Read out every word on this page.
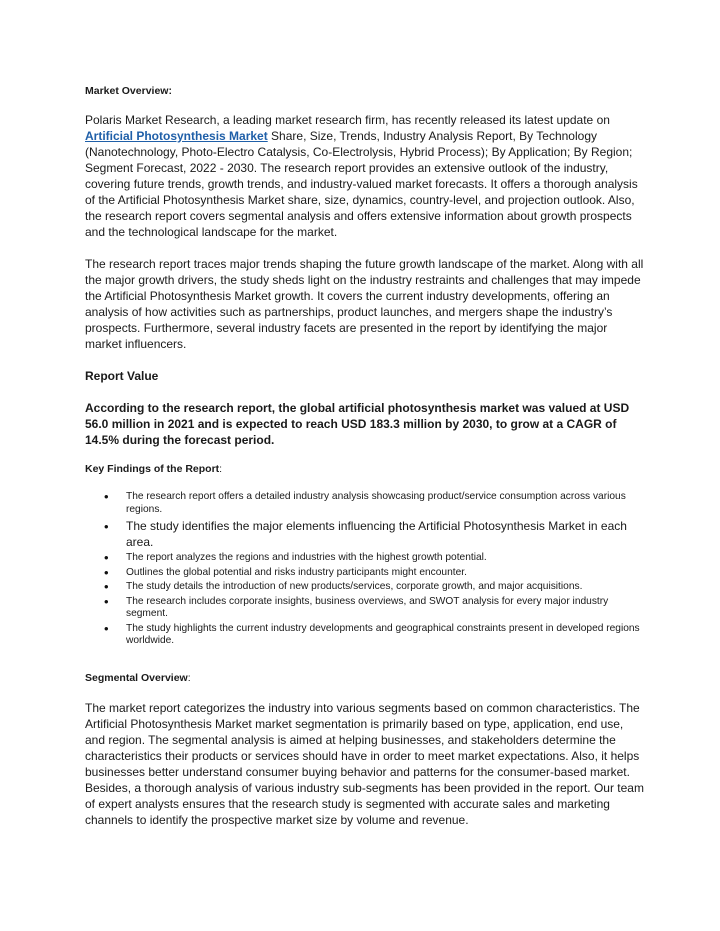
Market Overview:

Polaris Market Research, a leading market research firm, has recently released its latest update on Artificial Photosynthesis Market Share, Size, Trends, Industry Analysis Report, By Technology (Nanotechnology, Photo-Electro Catalysis, Co-Electrolysis, Hybrid Process); By Application; By Region; Segment Forecast, 2022 - 2030. The research report provides an extensive outlook of the industry, covering future trends, growth trends, and industry-valued market forecasts. It offers a thorough analysis of the Artificial Photosynthesis Market share, size, dynamics, country-level, and projection outlook. Also, the research report covers segmental analysis and offers extensive information about growth prospects and the technological landscape for the market.

The research report traces major trends shaping the future growth landscape of the market. Along with all the major growth drivers, the study sheds light on the industry restraints and challenges that may impede the Artificial Photosynthesis Market growth. It covers the current industry developments, offering an analysis of how activities such as partnerships, product launches, and mergers shape the industry’s prospects. Furthermore, several industry facets are presented in the report by identifying the major market influencers.

Report Value

According to the research report, the global artificial photosynthesis market was valued at USD 56.0 million in 2021 and is expected to reach USD 183.3 million by 2030, to grow at a CAGR of 14.5% during the forecast period.

Key Findings of the Report:
• The research report offers a detailed industry analysis showcasing product/service consumption across various regions.
• The study identifies the major elements influencing the Artificial Photosynthesis Market in each area.
• The report analyzes the regions and industries with the highest growth potential.
• Outlines the global potential and risks industry participants might encounter.
• The study details the introduction of new products/services, corporate growth, and major acquisitions.
• The research includes corporate insights, business overviews, and SWOT analysis for every major industry segment.
• The study highlights the current industry developments and geographical constraints present in developed regions worldwide.
Segmental Overview:

The market report categorizes the industry into various segments based on common characteristics. The Artificial Photosynthesis Market market segmentation is primarily based on type, application, end use, and region. The segmental analysis is aimed at helping businesses, and stakeholders determine the characteristics their products or services should have in order to meet market expectations. Also, it helps businesses better understand consumer buying behavior and patterns for the consumer-based market. Besides, a thorough analysis of various industry sub-segments has been provided in the report. Our team of expert analysts ensures that the research study is segmented with accurate sales and marketing channels to identify the prospective market size by volume and revenue.
